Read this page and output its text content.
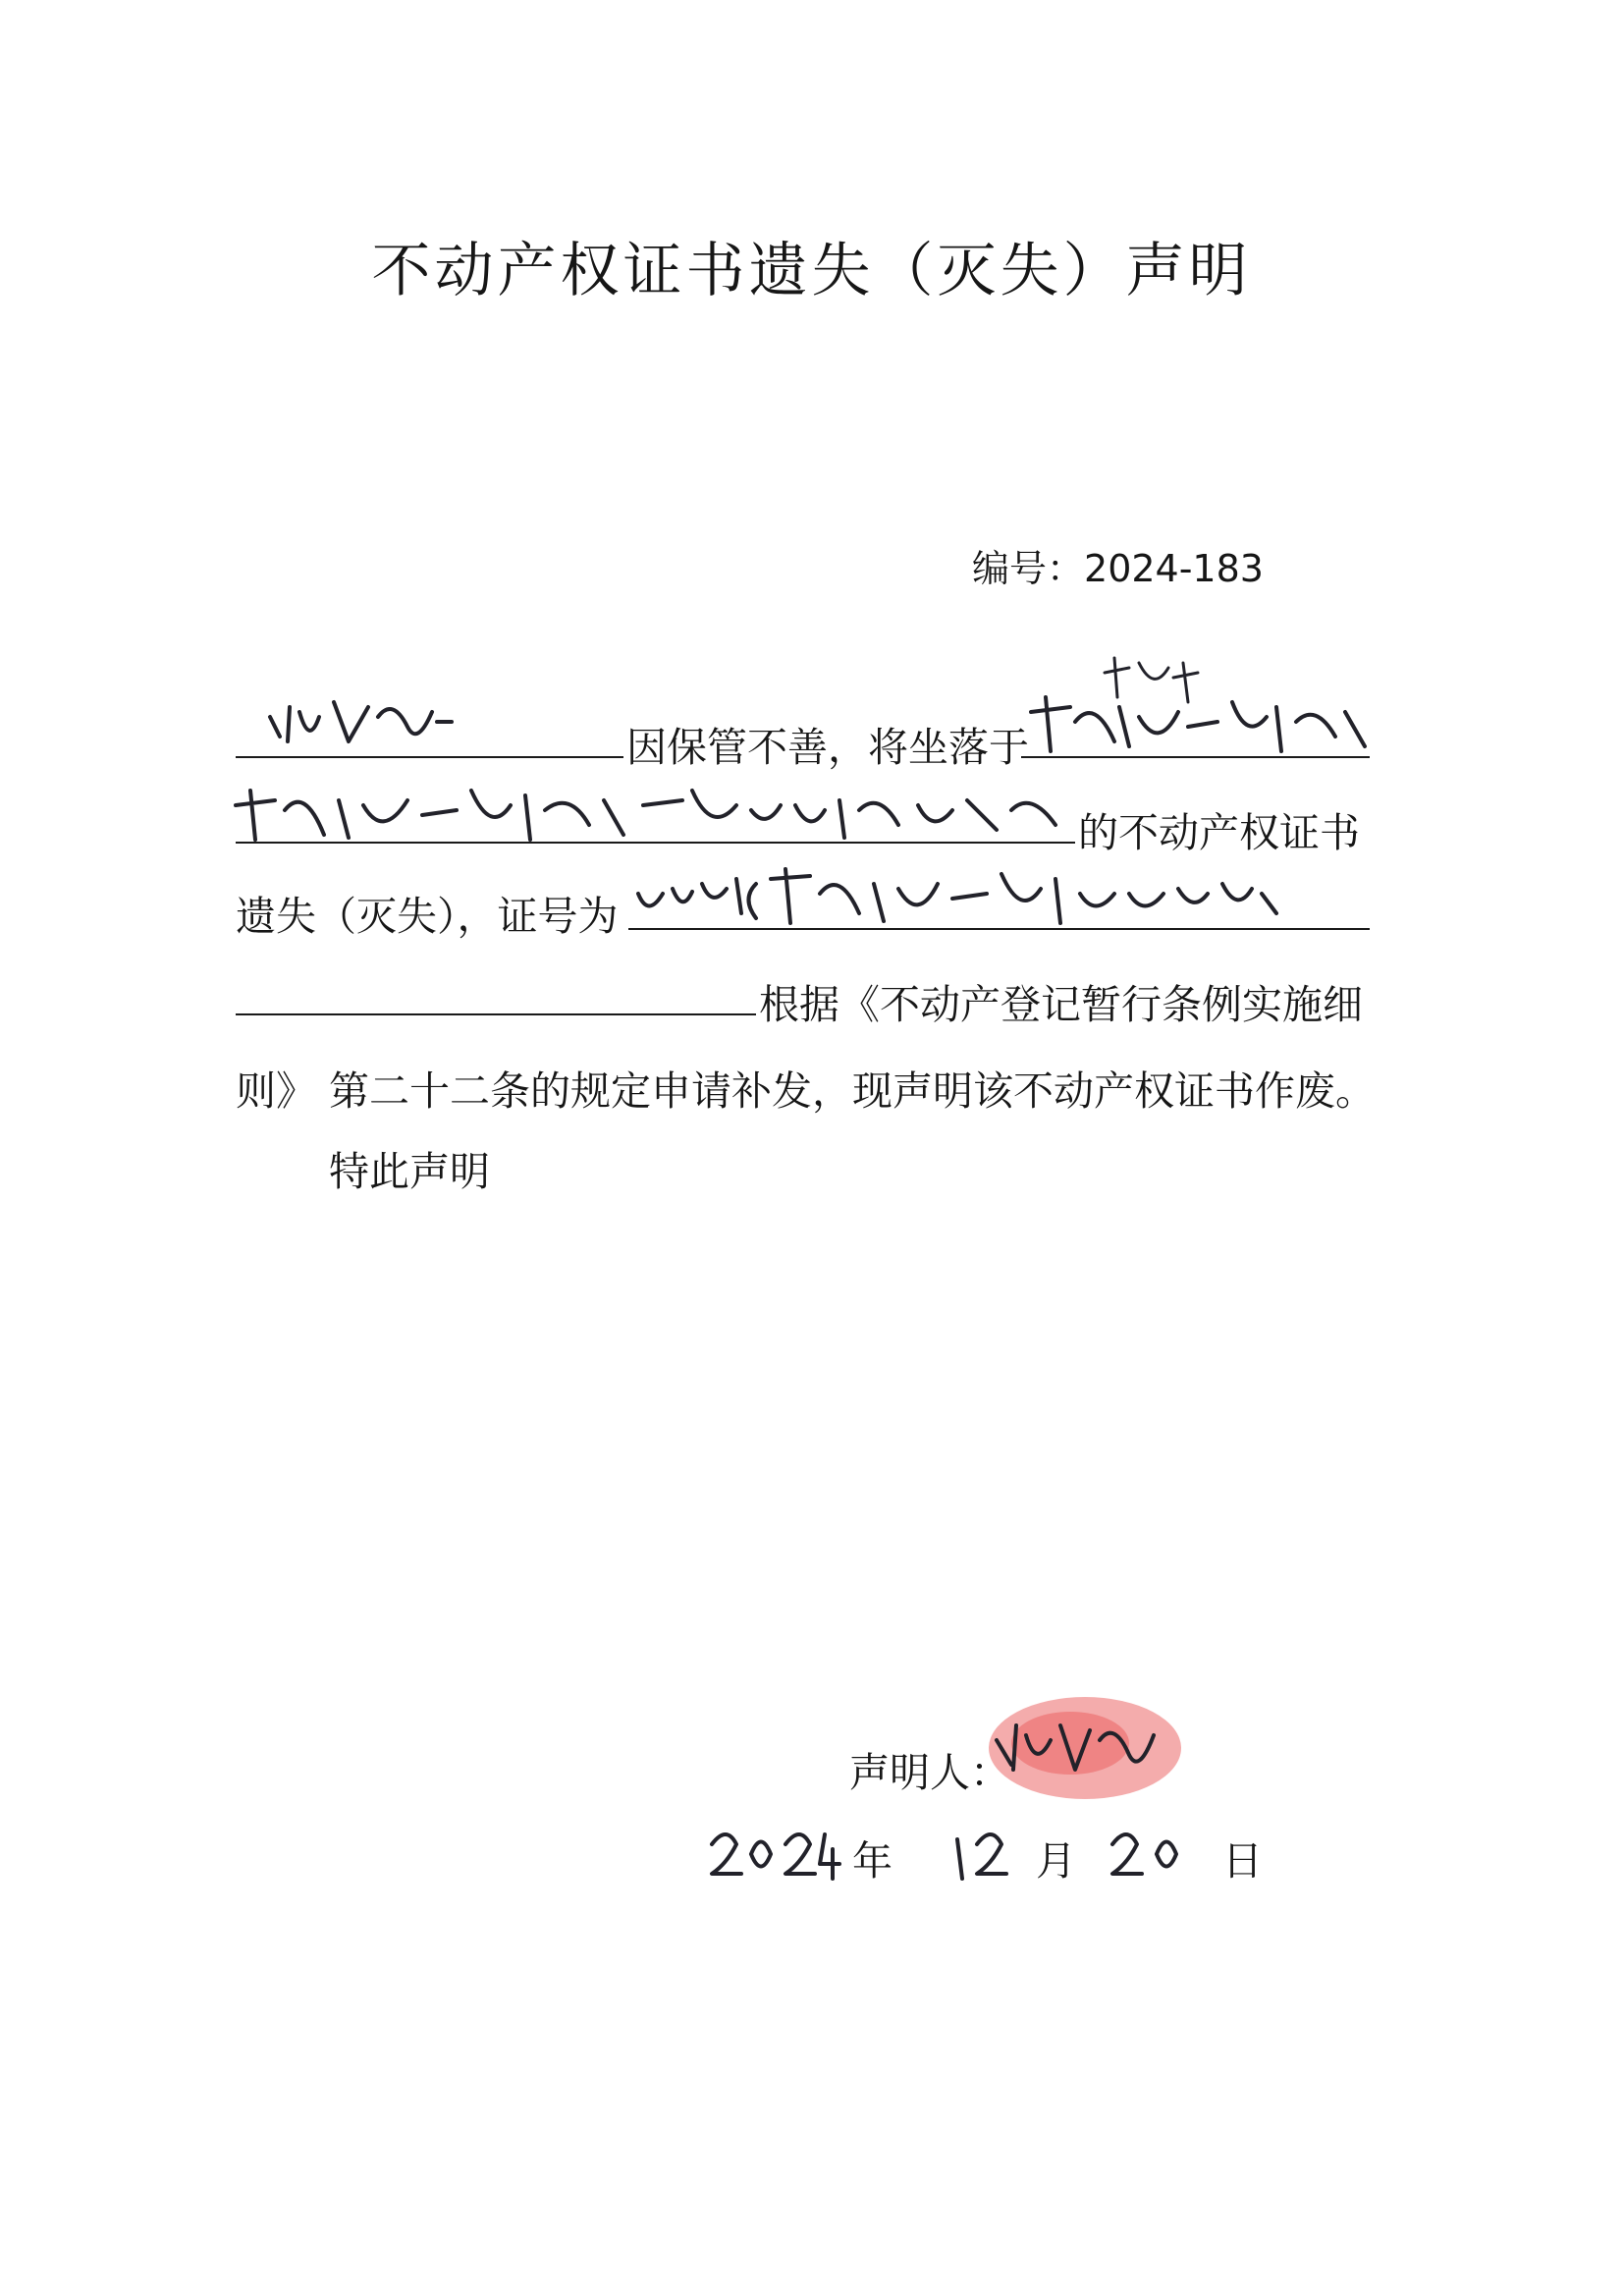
不动产权证书遗失（灭失）声明
编号：2024-183
因保管不善，将坐落于
的不动产权证书
遗失（灭失），证号为
根据《不动产登记暂行条例实施细
则》 第二十二条的规定申请补发，现声明该不动产权证书作废。
特此声明
声明人：
年	月	日
